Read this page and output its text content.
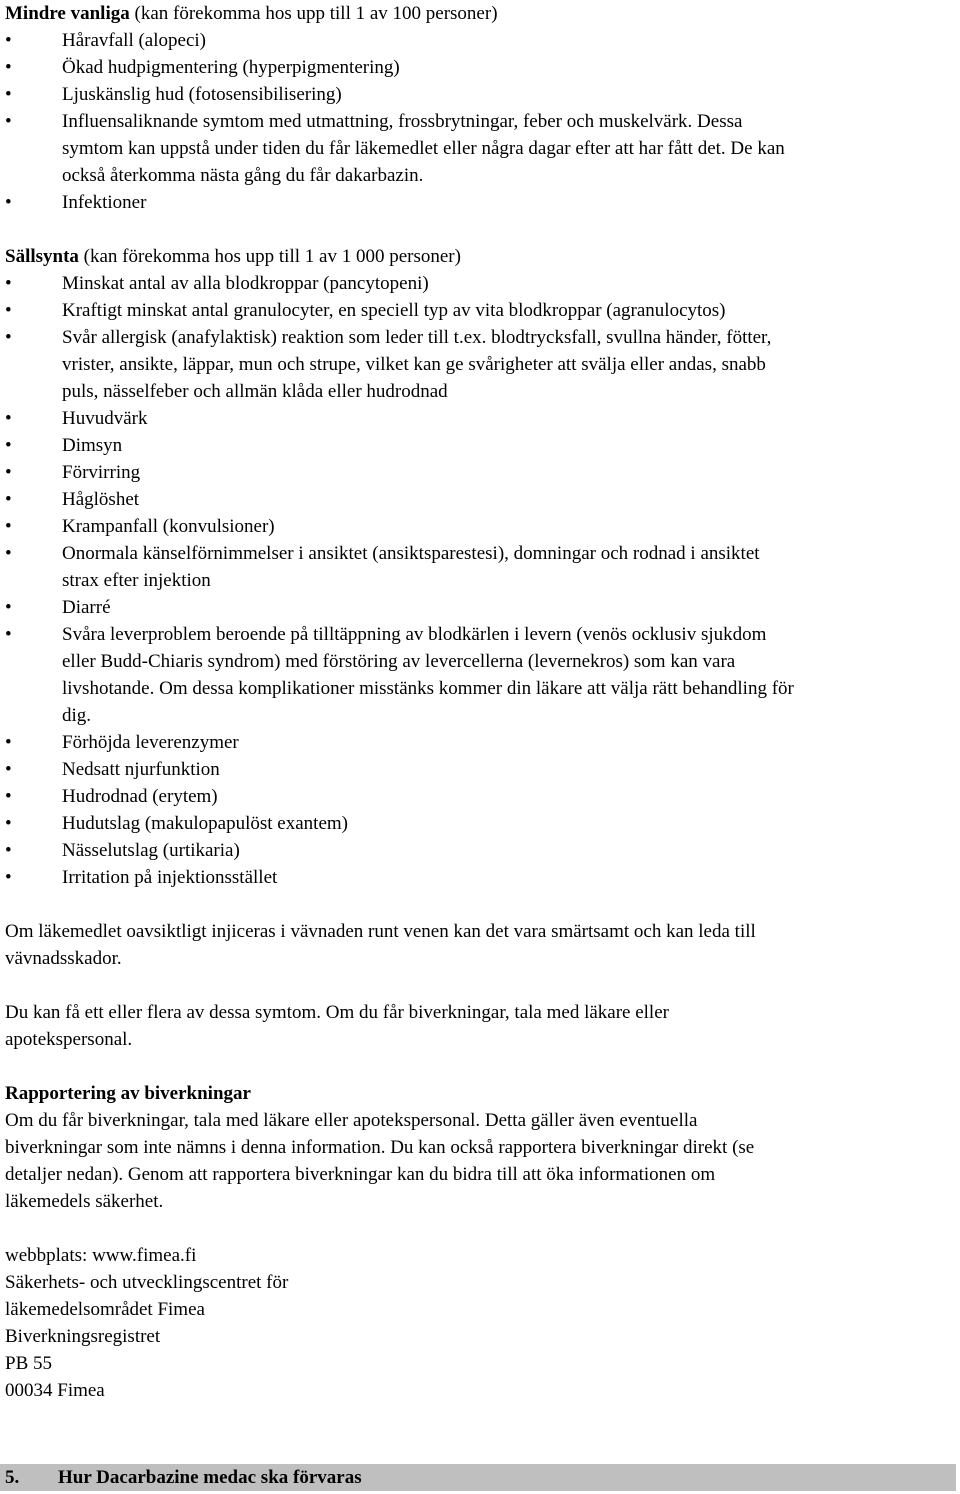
Mindre vanliga (kan förekomma hos upp till 1 av 100 personer)
•	Håravfall (alopeci)
•	Ökad hudpigmentering (hyperpigmentering)
•	Ljuskänslig hud (fotosensibilisering)
•	Influensaliknande symtom med utmattning, frossbrytningar, feber och muskelvärk. Dessa
symtom kan uppstå under tiden du får läkemedlet eller några dagar efter att har fått det. De kan
också återkomma nästa gång du får dakarbazin.
•	Infektioner
Sällsynta (kan förekomma hos upp till 1 av 1 000 personer)
•	Minskat antal av alla blodkroppar (pancytopeni)
•	Kraftigt minskat antal granulocyter, en speciell typ av vita blodkroppar (agranulocytos)
•	Svår allergisk (anafylaktisk) reaktion som leder till t.ex. blodtrycksfall, svullna händer, fötter,
vrister, ansikte, läppar, mun och strupe, vilket kan ge svårigheter att svälja eller andas, snabb
puls, nässelfeber och allmän klåda eller hudrodnad
•	Huvudvärk
•	Dimsyn
•	Förvirring
•	Håglöshet
•	Krampanfall (konvulsioner)
•	Onormala känselförnimmelser i ansiktet (ansiktsparestesi), domningar och rodnad i ansiktet
strax efter injektion
•	Diarré
•	Svåra leverproblem beroende på tilltäppning av blodkärlen i levern (venös ocklusiv sjukdom
eller Budd-Chiaris syndrom) med förstöring av levercellerna (levernekros) som kan vara
livshotande. Om dessa komplikationer misstänks kommer din läkare att välja rätt behandling för
dig.
•	Förhöjda leverenzymer
•	Nedsatt njurfunktion
•	Hudrodnad (erytem)
•	Hudutslag (makulopapulöst exantem)
•	Nässelutslag (urtikaria)
•	Irritation på injektionsstället
Om läkemedlet oavsiktligt injiceras i vävnaden runt venen kan det vara smärtsamt och kan leda till
vävnadsskador.
Du kan få ett eller flera av dessa symtom. Om du får biverkningar, tala med läkare eller
apotekspersonal.
Rapportering av biverkningar
Om du får biverkningar, tala med läkare eller apotekspersonal. Detta gäller även eventuella
biverkningar som inte nämns i denna information. Du kan också rapportera biverkningar direkt (se
detaljer nedan). Genom att rapportera biverkningar kan du bidra till att öka informationen om
läkemedels säkerhet.
webbplats: www.fimea.fi
Säkerhets- och utvecklingscentret för
läkemedelsområdet Fimea
Biverkningsregistret
PB 55
00034 Fimea
5. Hur Dacarbazine medac ska förvaras
